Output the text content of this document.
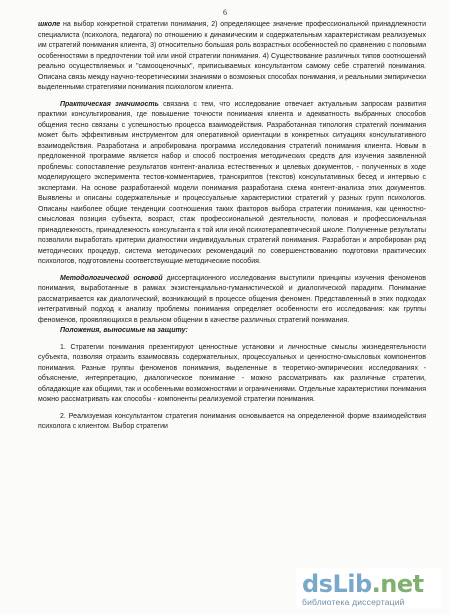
6

школе на выбор конкретной стратегии понимания, 2) определяющее значение профессиональной принадлежности специалиста (психолога, педагога) по отношению к динамическим и содержательным характеристикам реализуемых им стратегий понимания клиента, 3) относительно большая роль возрастных особенностей по сравнению с половыми особенностями в предпочтении той или иной стратегии понимания. 4) Существование различных типов соотношений реально осуществляемых и "самооценочных", приписываемых консультантом самому себе стратегий понимания. Описана связь между научно-теоретическими знаниями о возможных способах понимания, и реальными эмпирически выделенными стратегиями понимания психологом клиента.

Практическая значимость связана с тем, что исследование отвечает актуальным запросам развития практики консультирования, где повышение точности понимания клиента и адекватность выбранных способов общения тесно связаны с успешностью процесса взаимодействия. Разработанная типология стратегий понимания может быть эффективным инструментом для оперативной ориентации в конкретных ситуациях консультативного взаимодействия. Разработана и апробирована программа исследования стратегий понимания клиента. Новым в предложенной программе является набор и способ построения методических средств для изучения заявленной проблемы: сопоставление результатов контент-анализа естественных и целевых документов, - полученных в ходе моделирующего эксперимента тестов-комментариев, транскриптов (текстов) консультативных бесед и интервью с экспертами. На основе разработанной модели понимания разработана схема контент-анализа этих документов. Выявлены и описаны содержательные и процессуальные характеристики стратегий у разных групп психологов. Описаны наиболее общие тенденции соотношения таких факторов выбора стратегии понимания, как ценностно-смысловая позиция субъекта, возраст, стаж профессиональной деятельности, половая и профессиональная принадлежность, принадлежность консультанта к той или иной психотерапевтической школе. Полученные результаты позволили выработать критерии диагностики индивидуальных стратегий понимания. Разработан и апробирован ряд методических процедур, система методических рекомендаций по совершенствованию подготовки практических психологов, подготовлены соответствующие методические пособия.

Методологической основой диссертационного исследования выступили принципы изучения феноменов понимания, выработанные в рамках экзистенциально-гуманистической и диалогической парадигм. Понимание рассматривается как диалогический, возникающий в процессе общения феномен. Представленный в этих подходах интегративный подход к анализу проблемы понимания определяет особенности его исследования: как группы феноменов, проявляющихся в реальном общении в качестве различных стратегий понимания.

Положения, выносимые на защиту:

1. Стратегии понимания презентируют ценностные установки и личностные смыслы жизнедеятельности субъекта, позволяя отразить взаимосвязь содержательных, процессуальных и ценностно-смысловых компонентов понимания. Разные группы феноменов понимания, выделенные в теоретико-эмпирических исследованиях - объяснение, интерпретацию, диалогическое понимание - можно рассматривать как различные стратегии, обладающие как общими, так и особенными возможностями и ограничениями. Отдельные характеристики понимания можно рассматривать как способы - компоненты реализуемой стратегии понимания.

2. Реализуемая консультантом стратегия понимания основывается на определенной форме взаимодействия психолога с клиентом. Выбор стратегии

dsLib.net
библиотека диссертаций
